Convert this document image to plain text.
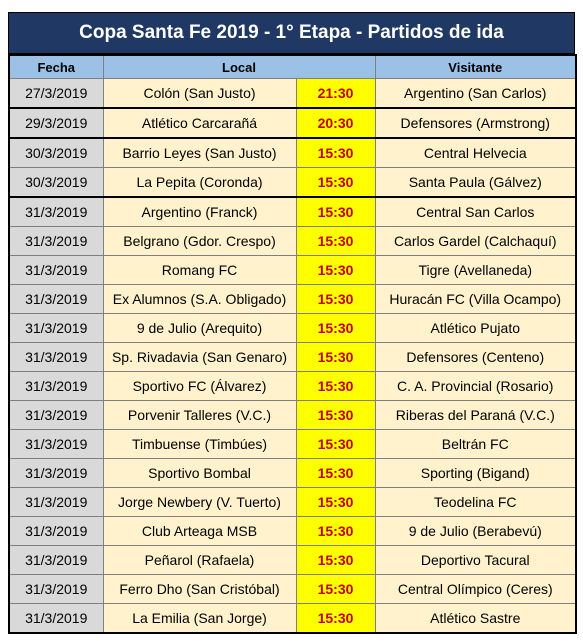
Copa Santa Fe 2019 - 1° Etapa - Partidos de ida
Fecha	Local		Visitante
27/3/2019	Colón (San Justo)	21:30	Argentino (San Carlos)
29/3/2019	Atlético Carcarañá	20:30	Defensores (Armstrong)
30/3/2019	Barrio Leyes (San Justo)	15:30	Central Helvecia
30/3/2019	La Pepita (Coronda)	15:30	Santa Paula (Gálvez)
31/3/2019	Argentino (Franck)	15:30	Central San Carlos
31/3/2019	Belgrano (Gdor. Crespo)	15:30	Carlos Gardel (Calchaquí)
31/3/2019	Romang FC	15:30	Tigre (Avellaneda)
31/3/2019	Ex Alumnos (S.A. Obligado)	15:30	Huracán FC (Villa Ocampo)
31/3/2019	9 de Julio (Arequito)	15:30	Atlético Pujato
31/3/2019	Sp. Rivadavia (San Genaro)	15:30	Defensores (Centeno)
31/3/2019	Sportivo FC (Álvarez)	15:30	C. A. Provincial (Rosario)
31/3/2019	Porvenir Talleres (V.C.)	15:30	Riberas del Paraná (V.C.)
31/3/2019	Timbuense (Timbúes)	15:30	Beltrán FC
31/3/2019	Sportivo Bombal	15:30	Sporting (Bigand)
31/3/2019	Jorge Newbery (V. Tuerto)	15:30	Teodelina FC
31/3/2019	Club Arteaga MSB	15:30	9 de Julio (Berabevú)
31/3/2019	Peñarol (Rafaela)	15:30	Deportivo Tacural
31/3/2019	Ferro Dho (San Cristóbal)	15:30	Central Olímpico (Ceres)
31/3/2019	La Emilia (San Jorge)	15:30	Atlético Sastre
